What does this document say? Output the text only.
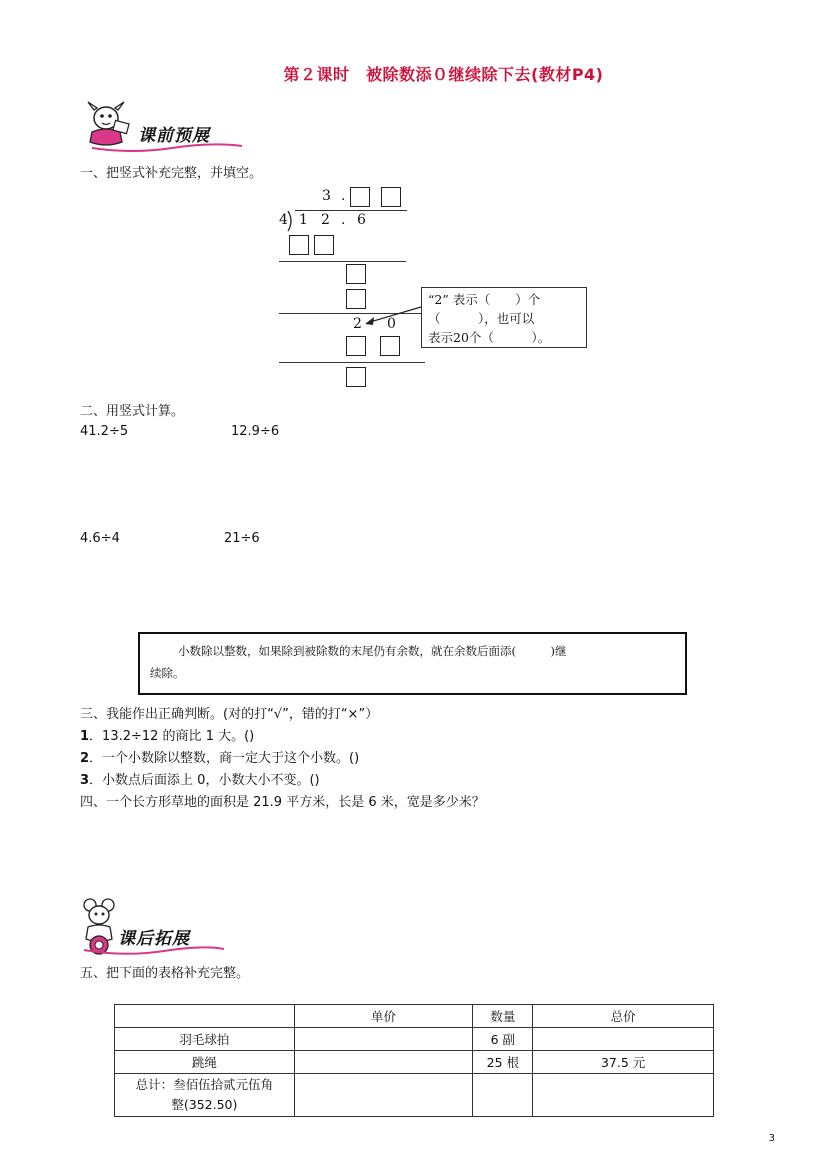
第２课时　被除数添０继续除下去(教材P4)
课前预展
一、把竖式补充完整，并填空。
3 .
4 1 2 . 6
2 0
“2” 表示（　　）个
（　　　），也可以
表示20个（　　　）。
二、用竖式计算。
41.2÷5	12.9÷6
4.6÷4	21÷6
小数除以整数，如果除到被除数的末尾仍有余数，就在余数后面添(　　　)继
续除。
三、我能作出正确判断。(对的打“√”，错的打“×”）
1．13.2÷12 的商比 1 大。()
2．一个小数除以整数，商一定大于这个小数。()
3．小数点后面添上 0，小数大小不变。()
四、一个长方形草地的面积是 21.9 平方米，长是 6 米，宽是多少米？
课后拓展
五、把下面的表格补充完整。
	单价	数量	总价
羽毛球拍		6 副	
跳绳		25 根	37.5 元

总计：叁佰伍拾贰元伍角
整(352.50)			

3
